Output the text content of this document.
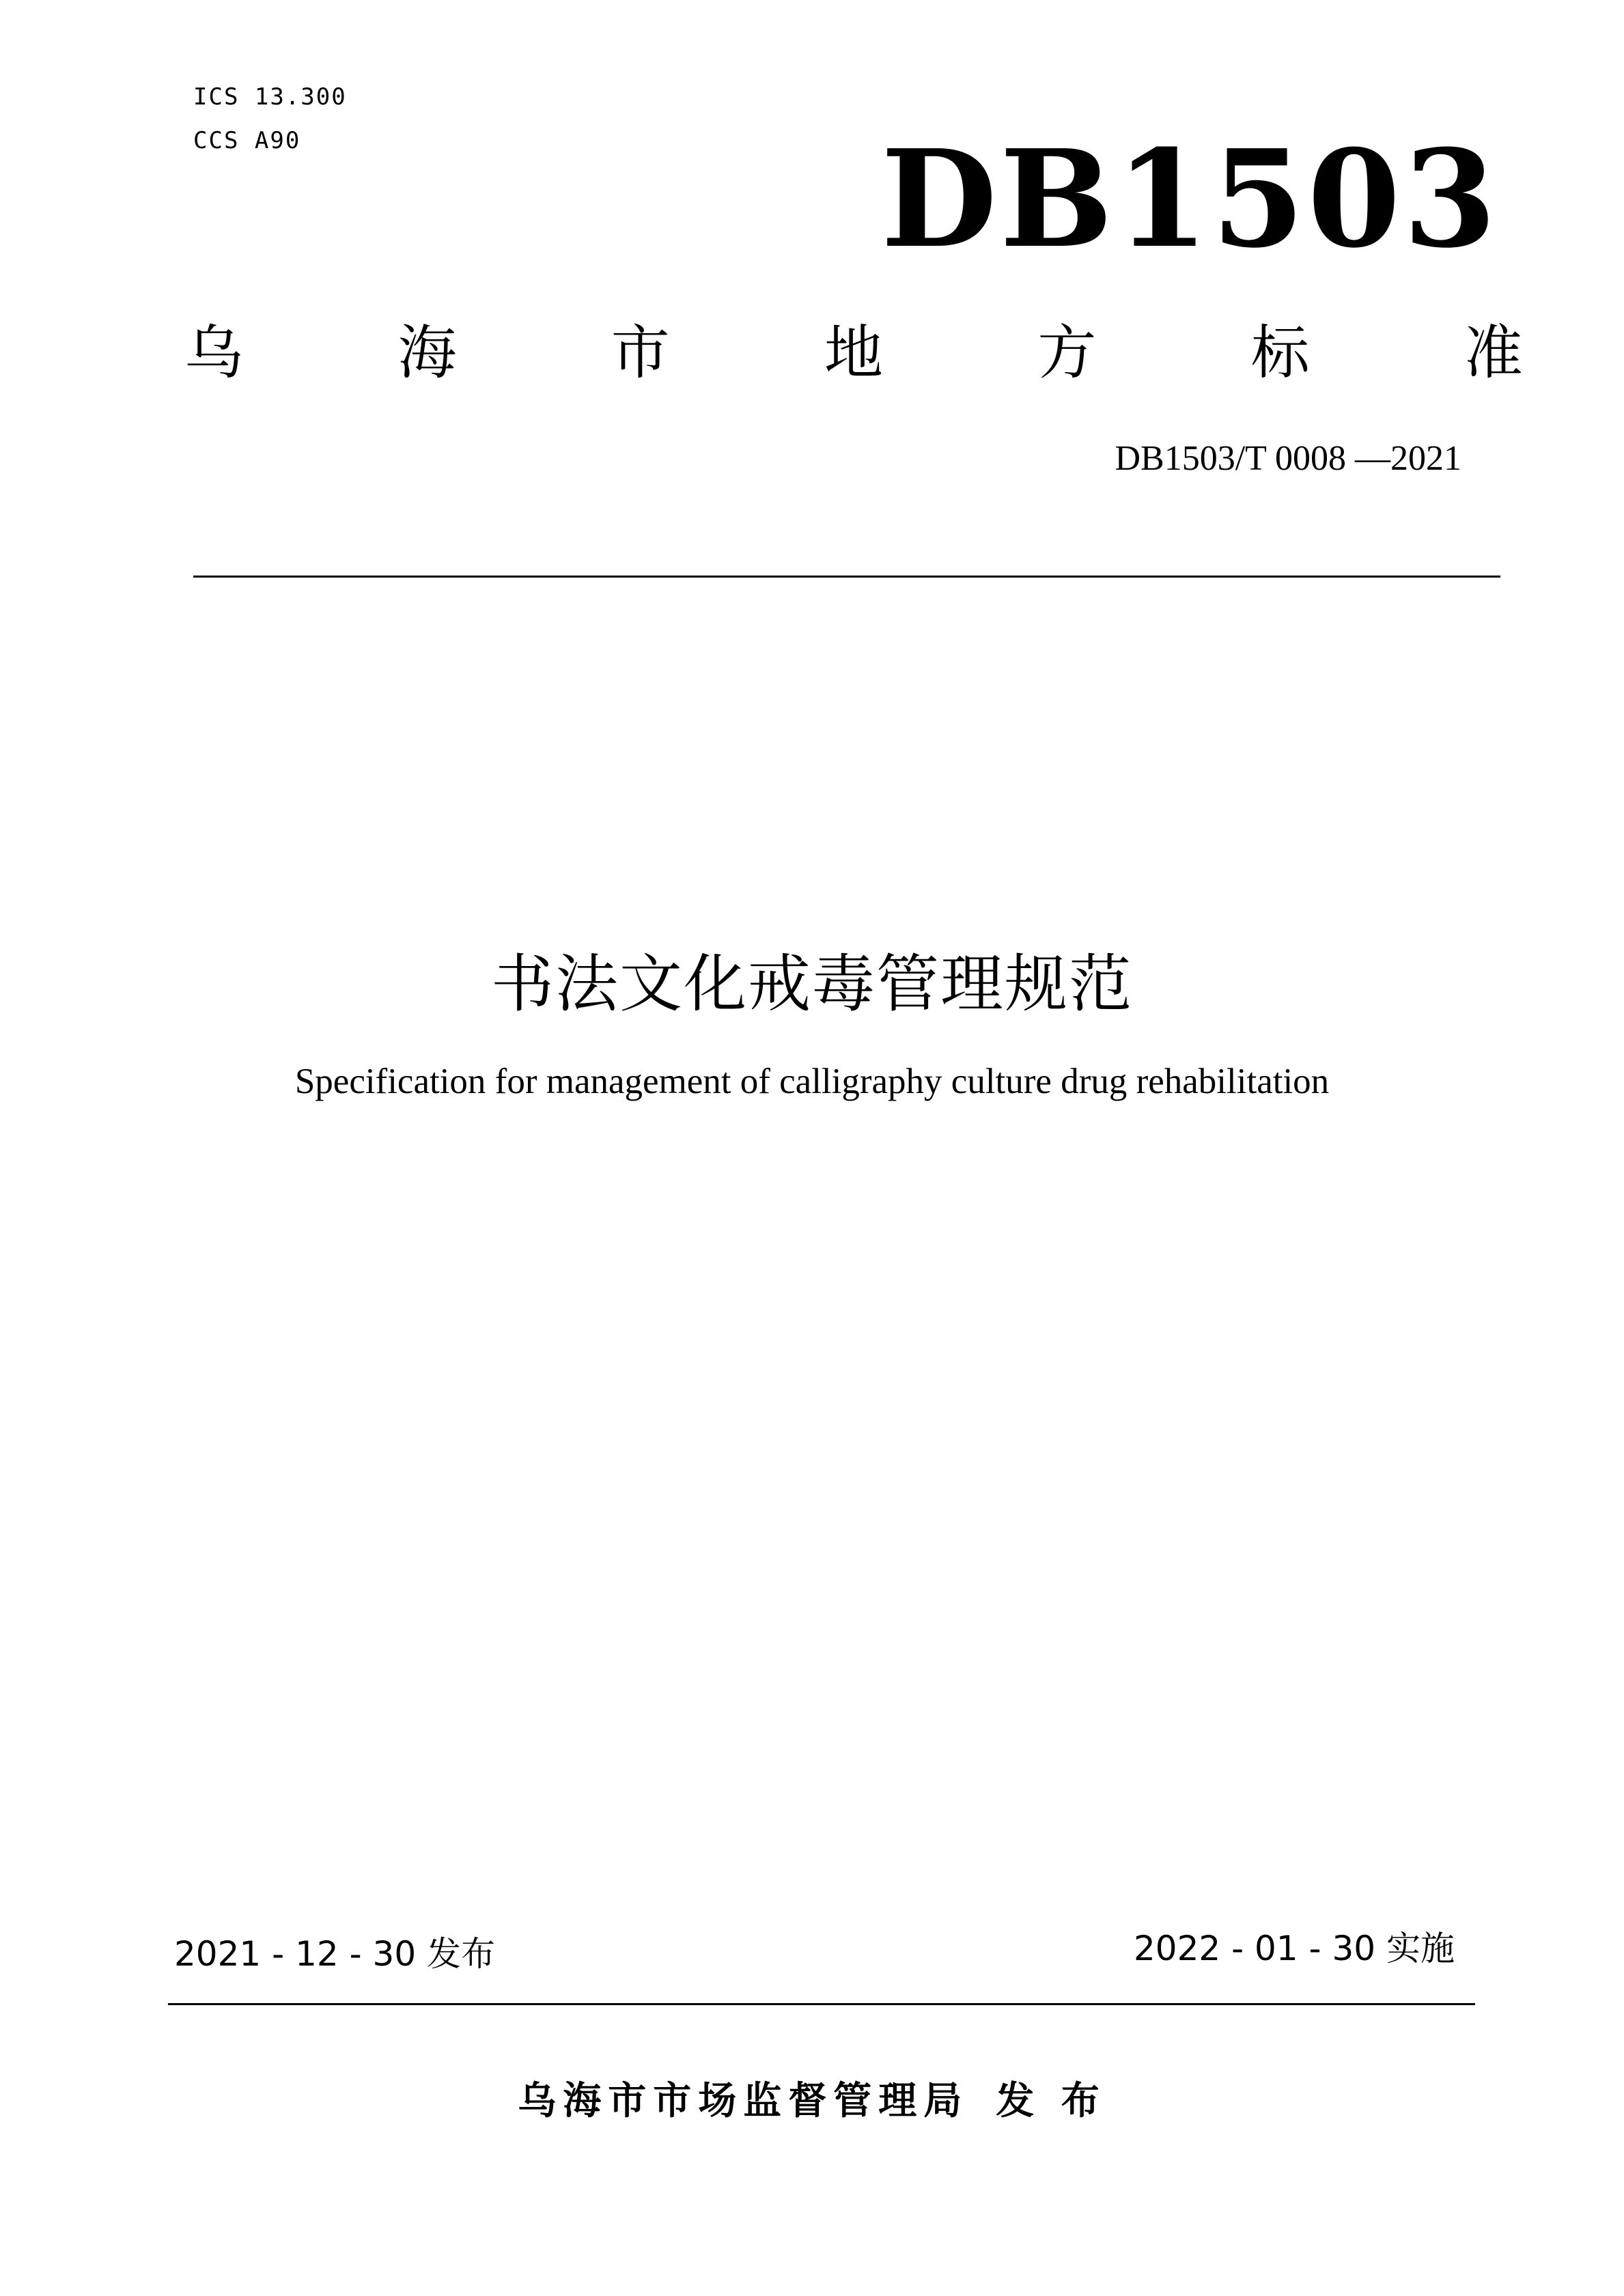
ICS 13.300
CCS A90	DB1503
乌	海	市	地	方	标	准
DB1503/T 0008 —2021
书法文化戒毒管理规范
Specification for management of calligraphy culture drug rehabilitation
2021 - 12 - 30 发布	2022 - 01 - 30 实施
乌海市市场监督管理局 发 布
